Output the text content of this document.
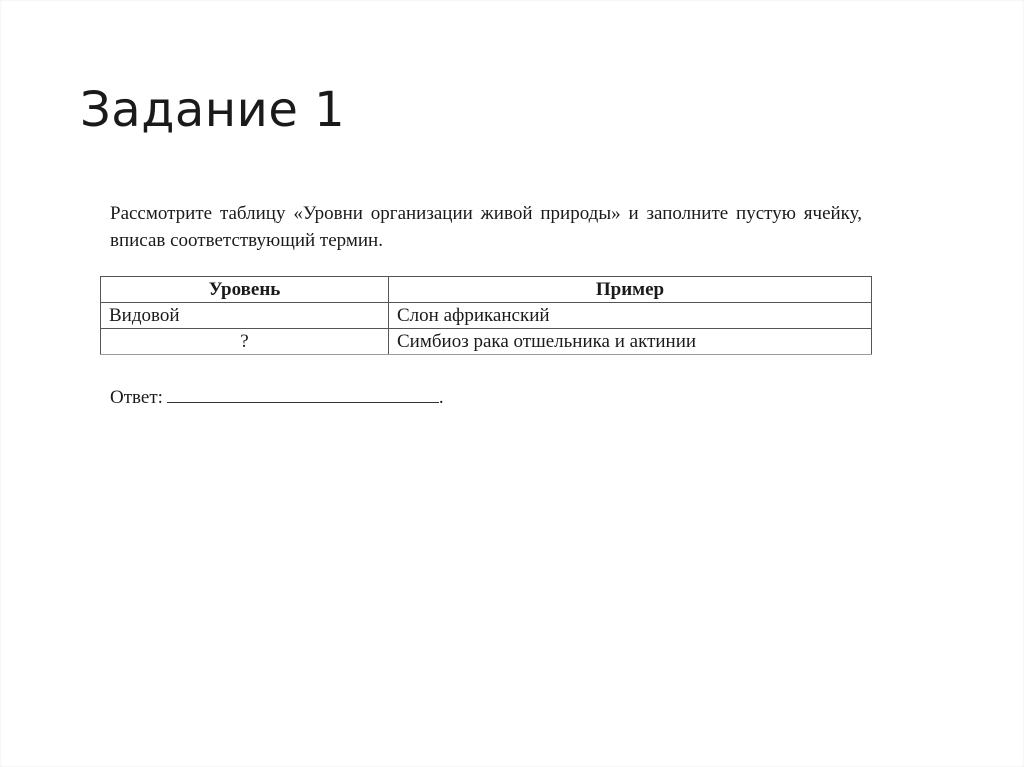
Задание 1

Рассмотрите таблицу «Уровни организации живой природы» и заполните пустую ячейку, вписав соответствующий термин.

Уровень	Пример
Видовой	Слон африканский
?	Симбиоз рака отшельника и актинии

Ответ:	.
